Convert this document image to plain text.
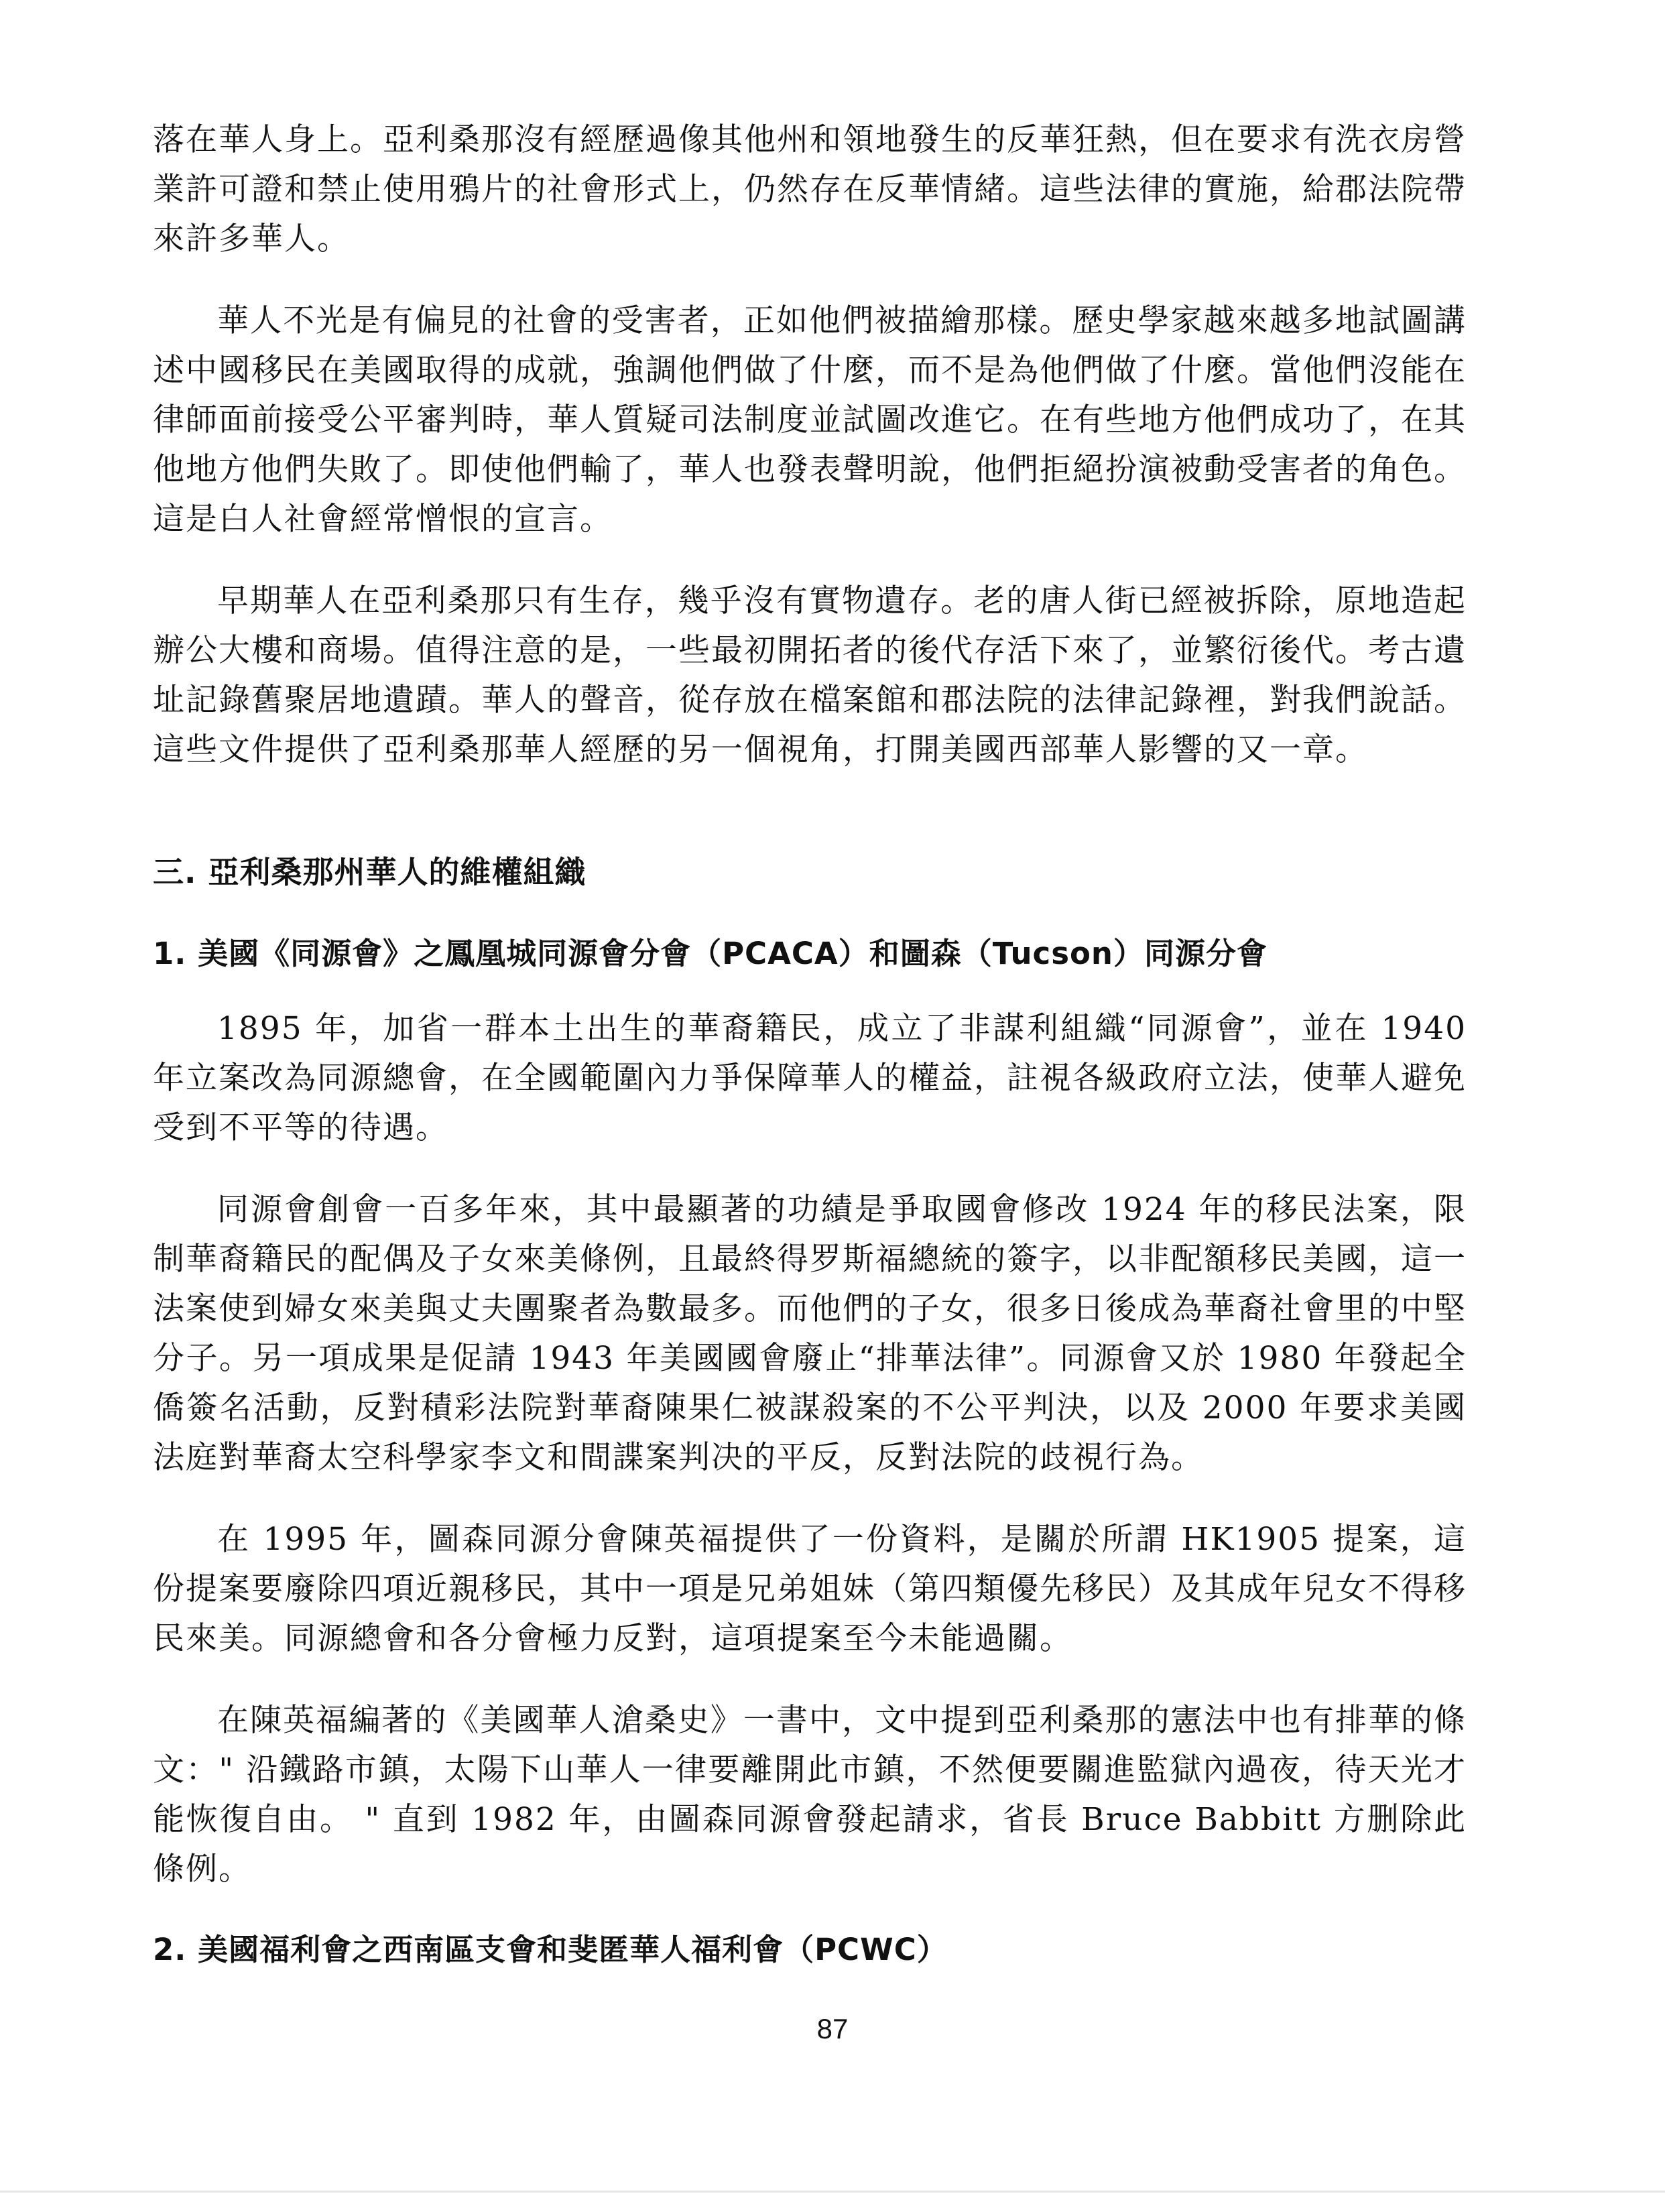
落在華人身上。亞利桑那沒有經歷過像其他州和領地發生的反華狂熱，但在要求有洗衣房營業許可證和禁止使用鴉片的社會形式上，仍然存在反華情緒。這些法律的實施，給郡法院帶來許多華人。

華人不光是有偏見的社會的受害者，正如他們被描繪那樣。歷史學家越來越多地試圖講述中國移民在美國取得的成就，強調他們做了什麼，而不是為他們做了什麼。當他們沒能在律師面前接受公平審判時，華人質疑司法制度並試圖改進它。在有些地方他們成功了，在其他地方他們失敗了。即使他們輸了，華人也發表聲明說，他們拒絕扮演被動受害者的角色。這是白人社會經常憎恨的宣言。

早期華人在亞利桑那只有生存，幾乎沒有實物遺存。老的唐人街已經被拆除，原地造起辦公大樓和商場。值得注意的是，一些最初開拓者的後代存活下來了，並繁衍後代。考古遺址記錄舊聚居地遺蹟。華人的聲音，從存放在檔案館和郡法院的法律記錄裡，對我們說話。這些文件提供了亞利桑那華人經歷的另一個視角，打開美國西部華人影響的又一章。

三. 亞利桑那州華人的維權組織
1. 美國《同源會》之鳳凰城同源會分會（PCACA）和圖森（Tucson）同源分會

1895 年，加省一群本土出生的華裔籍民，成立了非謀利組織“同源會”，並在 1940 年立案改為同源總會，在全國範圍內力爭保障華人的權益，註視各級政府立法，使華人避免受到不平等的待遇。

同源會創會一百多年來，其中最顯著的功績是爭取國會修改 1924 年的移民法案，限制華裔籍民的配偶及子女來美條例，且最終得罗斯福總統的簽字，以非配額移民美國，這一法案使到婦女來美與丈夫團聚者為數最多。而他們的子女，很多日後成為華裔社會里的中堅分子。另一項成果是促請 1943 年美國國會廢止“排華法律”。同源會又於 1980 年發起全僑簽名活動，反對積彩法院對華裔陳果仁被謀殺案的不公平判決，以及 2000 年要求美國法庭對華裔太空科學家李文和間諜案判决的平反，反對法院的歧視行為。

在 1995 年，圖森同源分會陳英福提供了一份資料，是關於所謂 HK1905 提案，這份提案要廢除四項近親移民，其中一項是兄弟姐妹（第四類優先移民）及其成年兒女不得移民來美。同源總會和各分會極力反對，這項提案至今未能過關。

在陳英福編著的《美國華人滄桑史》一書中，文中提到亞利桑那的憲法中也有排華的條文：" 沿鐵路市鎮，太陽下山華人一律要離開此市鎮，不然便要關進監獄內過夜，待天光才能恢復自由。 " 直到 1982 年，由圖森同源會發起請求，省長 Bruce Babbitt 方删除此條例。

2. 美國福利會之西南區支會和斐匿華人福利會（PCWC）
87
